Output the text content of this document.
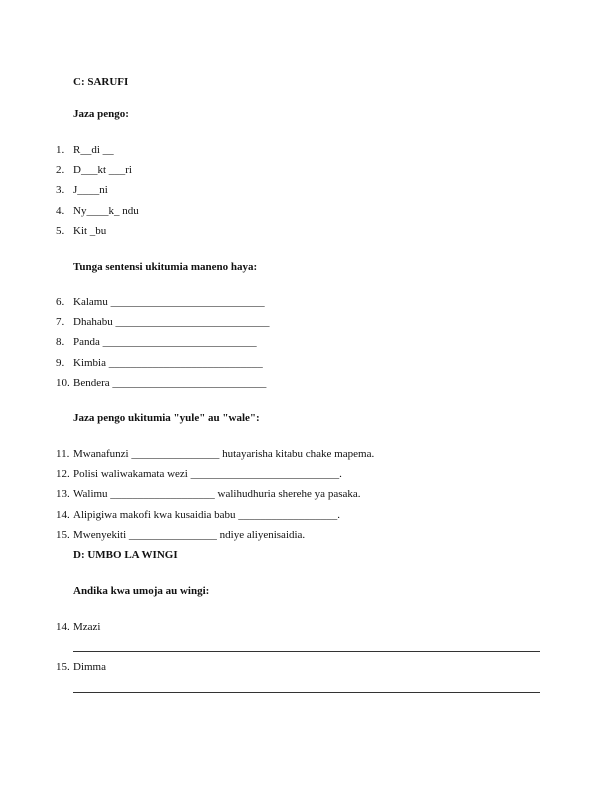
C: SARUFI
Jaza pengo:
1. R__di __
2. D___kt ___ri
3. J____ni
4. Ny____k_ ndu
5. Kit _bu
Tunga sentensi ukitumia maneno haya:
6. Kalamu ____________________________
7. Dhahabu ____________________________
8. Panda ____________________________
9. Kimbia ____________________________
10. Bendera ____________________________
Jaza pengo ukitumia "yule" au "wale":
11. Mwanafunzi ________________ hutayarisha kitabu chake mapema.
12. Polisi waliwakamata wezi ___________________________.
13. Walimu ___________________ walihudhuria sherehe ya pasaka.
14. Alipigiwa makofi kwa kusaidia babu __________________.
15. Mwenyekiti ________________ ndiye aliyenisaidia.
D: UMBO LA WINGI
Andika kwa umoja au wingi:
14. Mzazi
15. Dimma
